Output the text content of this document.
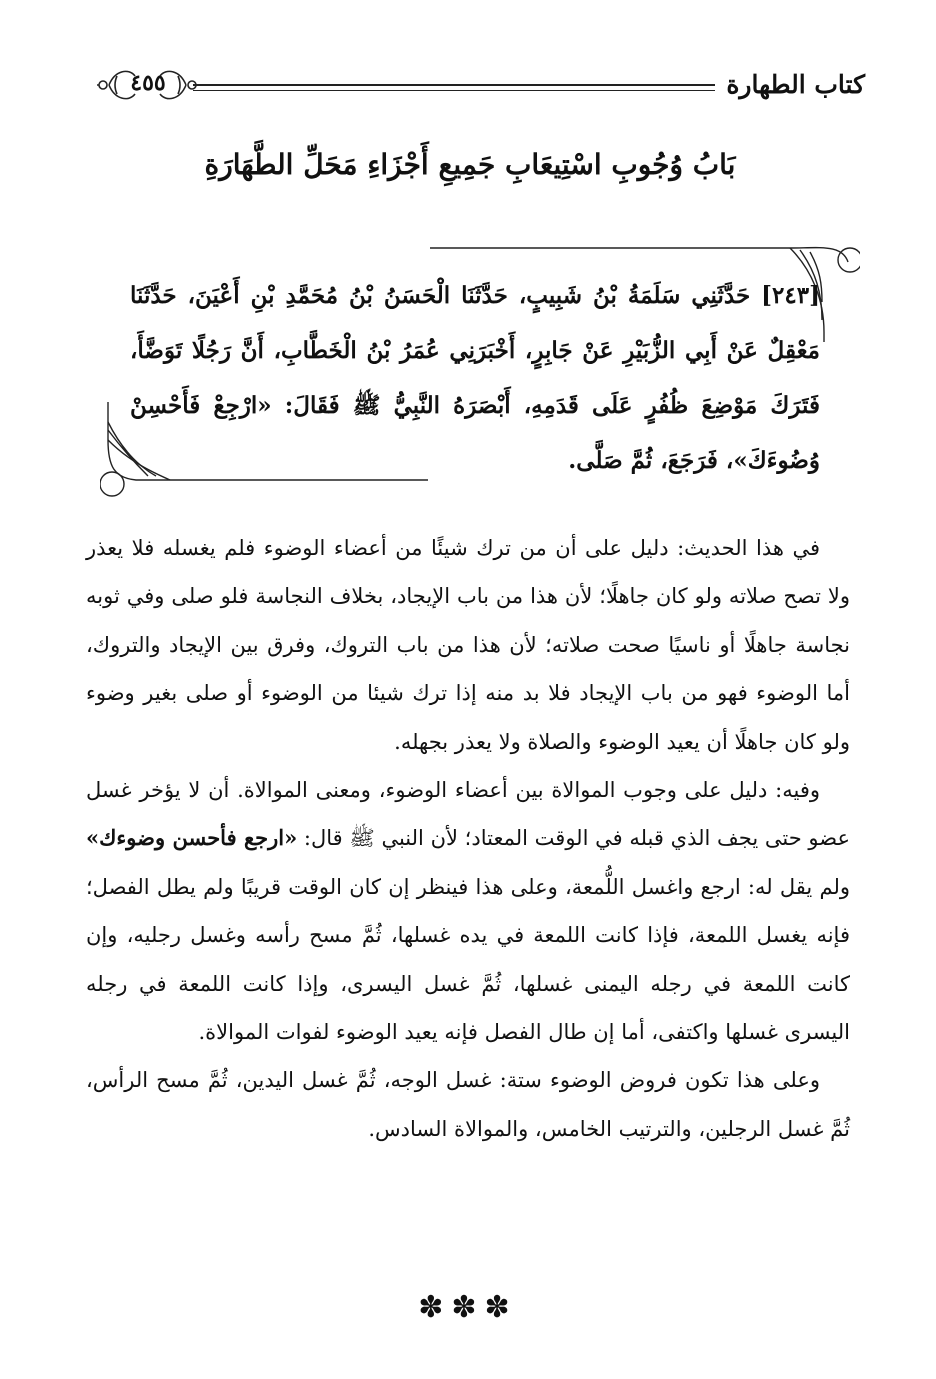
كتاب الطهارة
٤٥٥
بَابُ وُجُوبِ اسْتِيعَابِ جَمِيعِ أَجْزَاءِ مَحَلِّ الطَّهَارَةِ
[٢٤٣] حَدَّثَنِي سَلَمَةُ بْنُ شَبِيبٍ، حَدَّثَنَا الْحَسَنُ بْنُ مُحَمَّدِ بْنِ أَعْيَنَ، حَدَّثَنَا مَعْقِلٌ عَنْ أَبِي الزُّبَيْرِ عَنْ جَابِرٍ، أَخْبَرَنِي عُمَرُ بْنُ الْخَطَّابِ، أَنَّ رَجُلًا تَوَضَّأَ، فَتَرَكَ مَوْضِعَ ظُفُرٍ عَلَى قَدَمِهِ، أَبْصَرَهُ النَّبِيُّ ﷺ فَقَالَ: «ارْجِعْ فَأَحْسِنْ وُضُوءَكَ»، فَرَجَعَ، ثُمَّ صَلَّى.

في هذا الحديث: دليل على أن من ترك شيئًا من أعضاء الوضوء فلم يغسله فلا يعذر ولا تصح صلاته ولو كان جاهلًا؛ لأن هذا من باب الإيجاد، بخلاف النجاسة فلو صلى وفي ثوبه نجاسة جاهلًا أو ناسيًا صحت صلاته؛ لأن هذا من باب التروك، وفرق بين الإيجاد والتروك، أما الوضوء فهو من باب الإيجاد فلا بد منه إذا ترك شيئا من الوضوء أو صلى بغير وضوء ولو كان جاهلًا أن يعيد الوضوء والصلاة ولا يعذر بجهله.

وفيه: دليل على وجوب الموالاة بين أعضاء الوضوء، ومعنى الموالاة. أن لا يؤخر غسل عضو حتى يجف الذي قبله في الوقت المعتاد؛ لأن النبي ﷺ قال: «ارجع فأحسن وضوءك» ولم يقل له: ارجع واغسل اللُّمعة، وعلى هذا فينظر إن كان الوقت قريبًا ولم يطل الفصل؛ فإنه يغسل اللمعة، فإذا كانت اللمعة في يده غسلها، ثُمَّ مسح رأسه وغسل رجليه، وإن كانت اللمعة في رجله اليمنى غسلها، ثُمَّ غسل اليسرى، وإذا كانت اللمعة في رجله اليسرى غسلها واكتفى، أما إن طال الفصل فإنه يعيد الوضوء لفوات الموالاة.

وعلى هذا تكون فروض الوضوء ستة: غسل الوجه، ثُمَّ غسل اليدين، ثُمَّ مسح الرأس، ثُمَّ غسل الرجلين، والترتيب الخامس، والموالاة السادس.

✽✽✽
